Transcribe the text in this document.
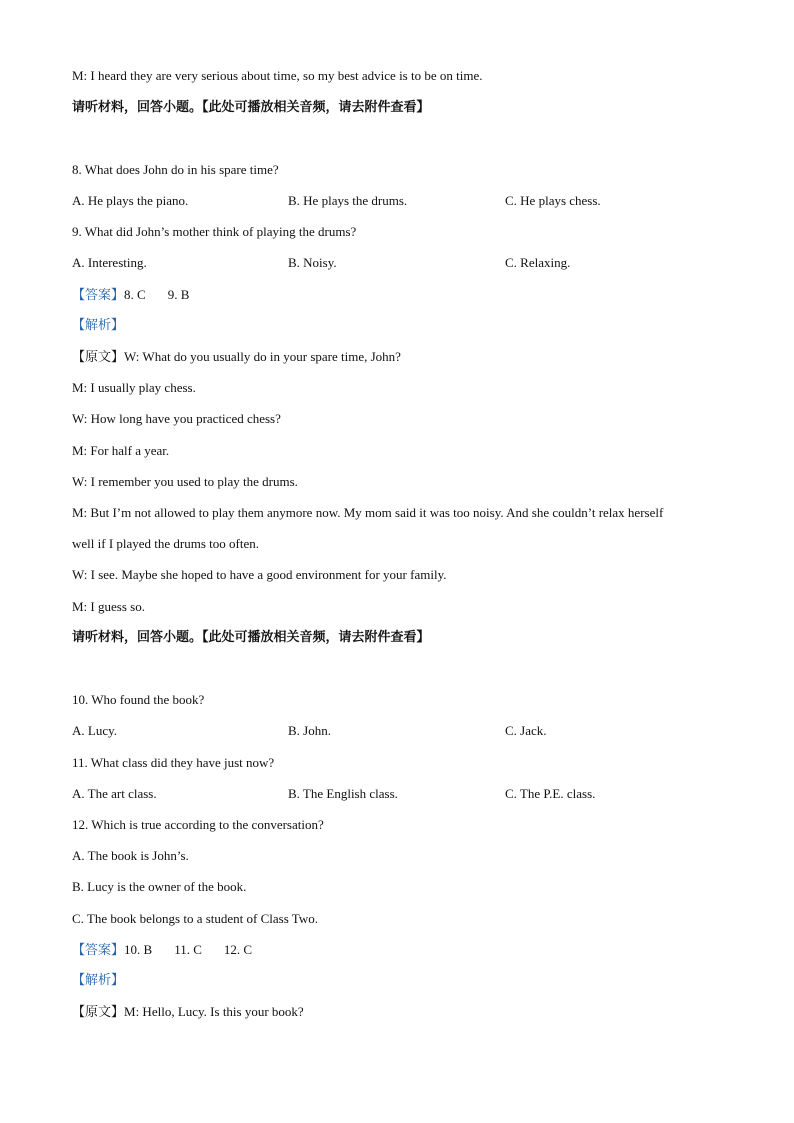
M: I heard they are very serious about time, so my best advice is to be on time.
请听材料，回答小题。【此处可播放相关音频，请去附件查看】
8. What does John do in his spare time?
A. He plays the piano.	B. He plays the drums.	C. He plays chess.
9. What did John’s mother think of playing the drums?
A. Interesting.	B. Noisy.	C. Relaxing.
【答案】8. C 9. B
【解析】
【原文】W: What do you usually do in your spare time, John?
M: I usually play chess.
W: How long have you practiced chess?
M: For half a year.
W: I remember you used to play the drums.
M: But I’m not allowed to play them anymore now. My mom said it was too noisy. And she couldn’t relax herself
well if I played the drums too often.
W: I see. Maybe she hoped to have a good environment for your family.
M: I guess so.
请听材料，回答小题。【此处可播放相关音频，请去附件查看】
10. Who found the book?
A. Lucy.	B. John.	C. Jack.
11. What class did they have just now?
A. The art class.	B. The English class.	C. The P.E. class.
12. Which is true according to the conversation?
A. The book is John’s.
B. Lucy is the owner of the book.
C. The book belongs to a student of Class Two.
【答案】10. B 11. C 12. C
【解析】
【原文】M: Hello, Lucy. Is this your book?
